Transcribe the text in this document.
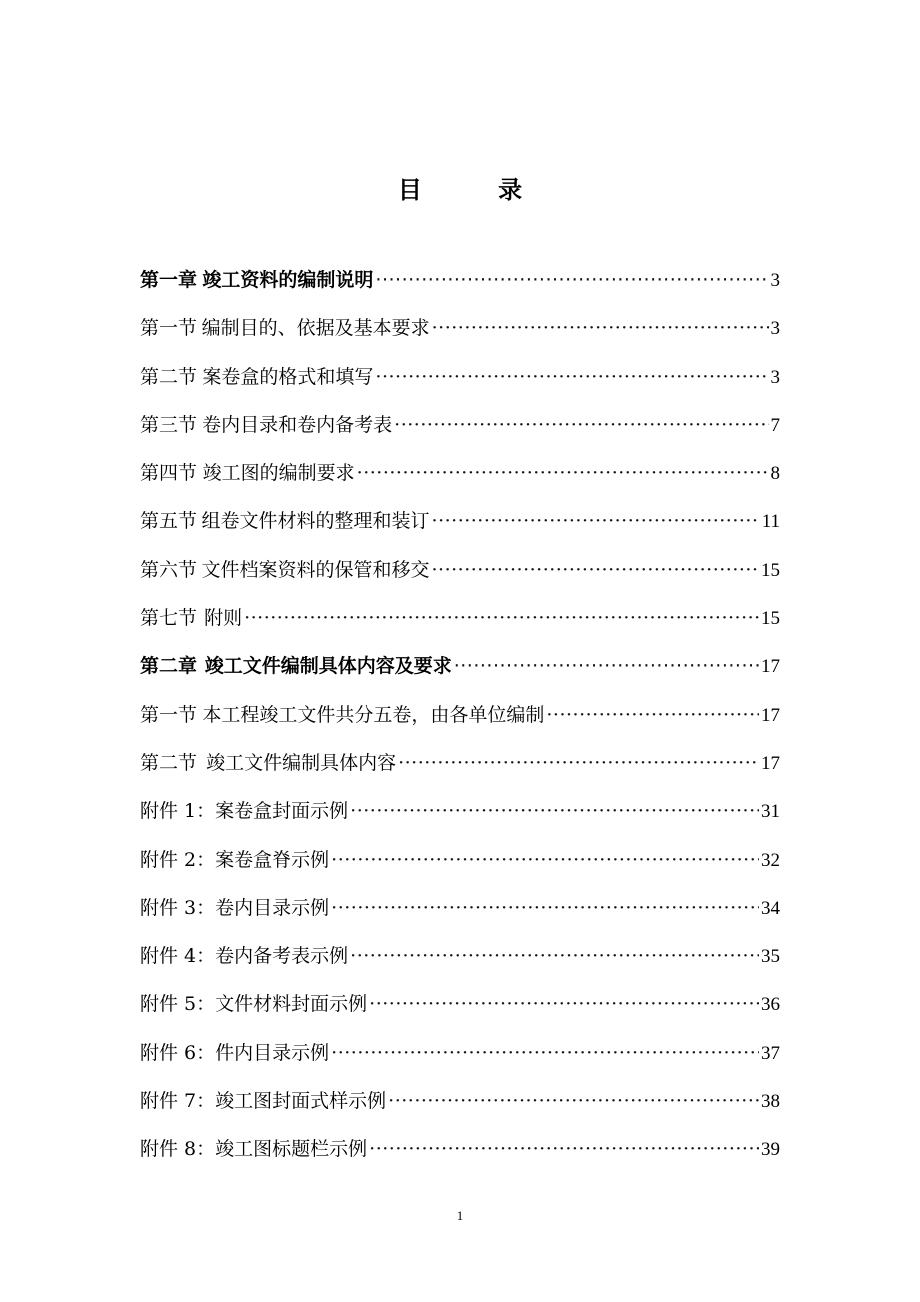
目 录
第一章 竣工资料的编制说明 ·····	3
第一节 编制目的、依据及基本要求 ·····	3
第二节 案卷盒的格式和填写 ·····	3
第三节 卷内目录和卷内备考表 ·····	7
第四节 竣工图的编制要求 ·····	8
第五节 组卷文件材料的整理和装订 ·····	11
第六节 文件档案资料的保管和移交 ·····	15
第七节 附则 ·····	15
第二章 竣工文件编制具体内容及要求 ·····	17
第一节 本工程竣工文件共分五卷，由各单位编制 ·····	17
第二节 竣工文件编制具体内容 ·····	17
附件 1： 案卷盒封面示例 ·····	31
附件 2： 案卷盒脊示例 ·····	32
附件 3： 卷内目录示例 ·····	34
附件 4： 卷内备考表示例 ·····	35
附件 5： 文件材料封面示例 ·····	36
附件 6： 件内目录示例 ·····	37
附件 7： 竣工图封面式样示例 ·····	38
附件 8： 竣工图标题栏示例 ·····	39
1
